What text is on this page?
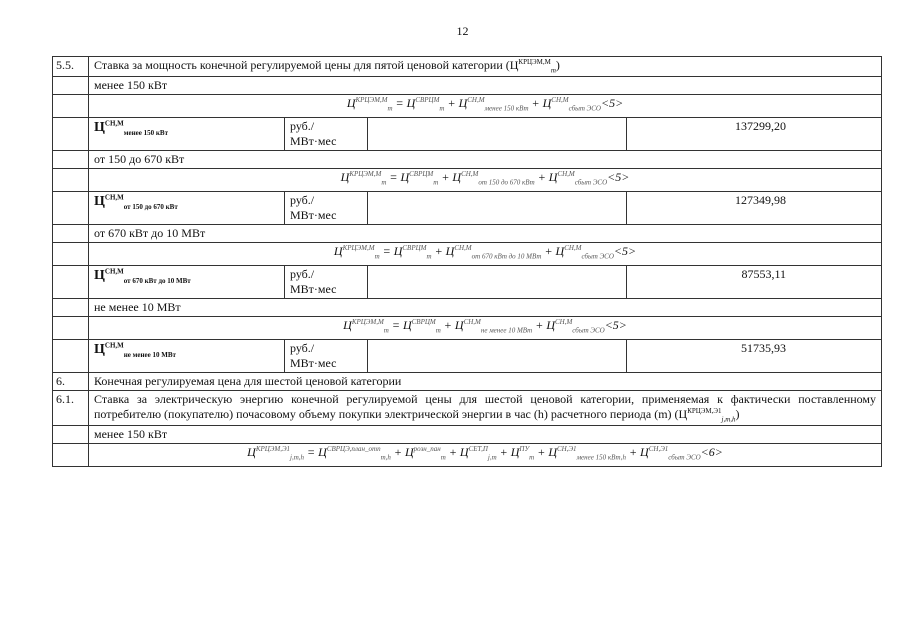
12
5.5.	Ставка за мощность конечной регулируемой цены для пятой ценовой категории $(Ц^{КРЦЭМ,М}_m)$			
	менее 150 кВт			
	$Ц^{КРЦЭМ,М}_m = Ц^{СВРЦМ}_m + Ц^{СН,М}_{менее 150 кВт} + Ц^{СН,М}_{сбыт ЭСО}<5>$			
	$Ц^{СН,М}_{менее 150 кВт}$	руб./ МВт·мес		137299,20
	от 150 до 670 кВт			
	$Ц^{КРЦЭМ,М}_m = Ц^{СВРЦМ}_m + Ц^{СН,М}_{от 150 до 670 кВт} + Ц^{СН,М}_{сбыт ЭСО}<5>$			
	$Ц^{СН,М}_{от 150 до 670 кВт}$	руб./ МВт·мес		127349,98
	от 670 кВт до 10 МВт			
	$Ц^{КРЦЭМ,М}_m = Ц^{СВРЦМ}_m + Ц^{СН,М}_{от 670 кВт до 10 МВт} + Ц^{СН,М}_{сбыт ЭСО}<5>$			
	$Ц^{СН,М}_{от 670 кВт до 10 МВт}$	руб./ МВт·мес		87553,11
	не менее 10 МВт			
	$Ц^{КРЦЭМ,М}_m = Ц^{СВРЦМ}_m + Ц^{СН,М}_{не менее 10 МВт} + Ц^{СН,М}_{сбыт ЭСО}<5>$			
	$Ц^{СН,М}_{не менее 10 МВт}$	руб./ МВт·мес		51735,93
6.	Конечная регулируемая цена для шестой ценовой категории			
6.1.	Ставка за электрическую энергию конечной регулируемой цены для шестой ценовой категории, применяемая к фактически поставленному потребителю (покупателю) почасовому объему покупки электрической энергии в час (h) расчетного периода (m) $(Ц^{КРЦЭМ,Э1}_{j,m,h})$			
	менее 150 кВт			
	$Ц^{КРЦЭМ,Э1}_{j,m,h} = Ц^{СВРЦЭ,план\_отп}_{m,h} + Ц^{розн\_пан}_m + Ц^{СЕТ,П}_{j,m} + Ц^{ПУ}_m + Ц^{СН,Э1}_{менее 150 кВт,h} + Ц^{СН,Э1}_{сбыт ЭСО}<6>$			
